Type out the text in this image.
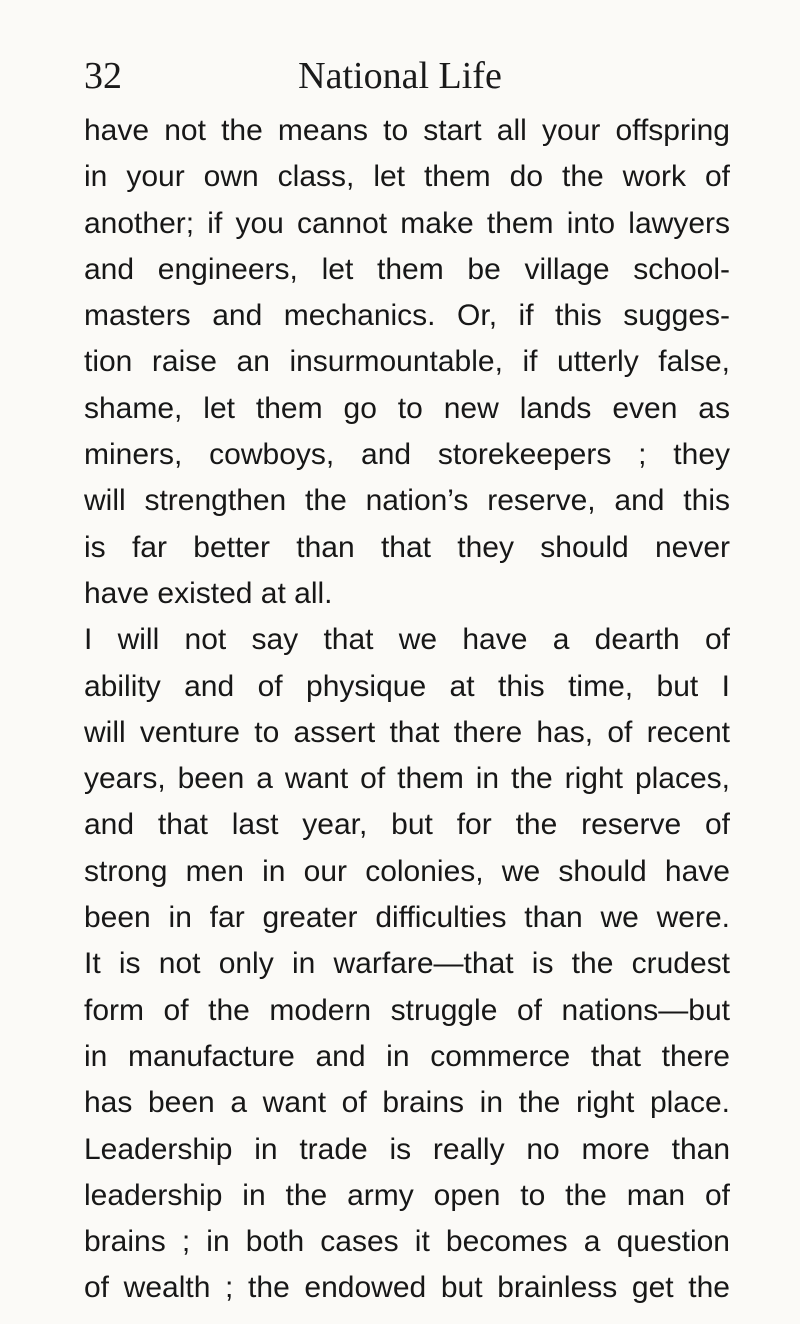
32	National Life
have not the means to start all your offspring
in your own class, let them do the work of
another; if you cannot make them into lawyers
and engineers, let them be village school-
masters and mechanics. Or, if this sugges-
tion raise an insurmountable, if utterly false,
shame, let them go to new lands even as
miners, cowboys, and storekeepers ; they
will strengthen the nation’s reserve, and this
is far better than that they should never
have existed at all.
I will not say that we have a dearth of
ability and of physique at this time, but I
will venture to assert that there has, of recent
years, been a want of them in the right places,
and that last year, but for the reserve of
strong men in our colonies, we should have
been in far greater difficulties than we were.
It is not only in warfare—that is the crudest
form of the modern struggle of nations—but
in manufacture and in commerce that there
has been a want of brains in the right place.
Leadership in trade is really no more than
leadership in the army open to the man of
brains ; in both cases it becomes a question
of wealth ; the endowed but brainless get the
